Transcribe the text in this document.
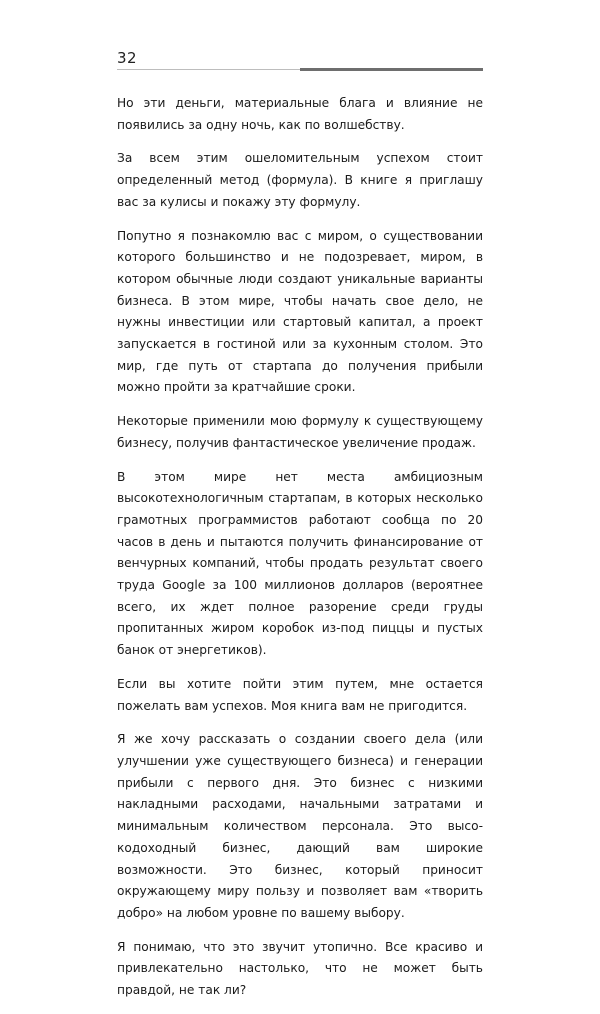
32

Но эти деньги, материальные блага и влияние не появились за одну ночь, как по волшебству.

За всем этим ошеломительным успехом стоит определенный метод (формула). В книге я приглашу вас за кулисы и покажу эту формулу.

Попутно я познакомлю вас с миром, о существовании которого большинство и не подозревает, миром, в котором обычные люди создают уникальные варианты бизнеса. В этом мире, чтобы начать свое дело, не нужны инвестиции или стартовый капитал, а проект запускается в гостиной или за кухонным столом. Это мир, где путь от стартапа до получения прибыли можно пройти за кратчайшие сроки.

Некоторые применили мою формулу к существующему бизнесу, получив фантастическое увеличение продаж.

В этом мире нет места амбициозным высокотехнологичным стартапам, в которых несколько грамотных программистов работают сообща по 20 часов в день и пытаются получить финансирование от венчурных компаний, чтобы продать результат своего труда Google за 100 миллионов долларов (вероятнее всего, их ждет полное разорение среди груды пропитанных жиром коробок из-под пиццы и пустых банок от энергетиков).

Если вы хотите пойти этим путем, мне остается пожелать вам успехов. Моя книга вам не пригодится.

Я же хочу рассказать о создании своего дела (или улучшении уже существующего бизнеса) и генерации прибыли с первого дня. Это бизнес с низкими накладными расходами, начальными затратами и минимальным количеством персонала. Это высокодоходный бизнес, дающий вам широкие возможности. Это бизнес, который приносит окружающему миру пользу и позволяет вам «творить добро» на любом уровне по вашему выбору.

Я понимаю, что это звучит утопично. Все красиво и привлекательно настолько, что не может быть правдой, не так ли?
